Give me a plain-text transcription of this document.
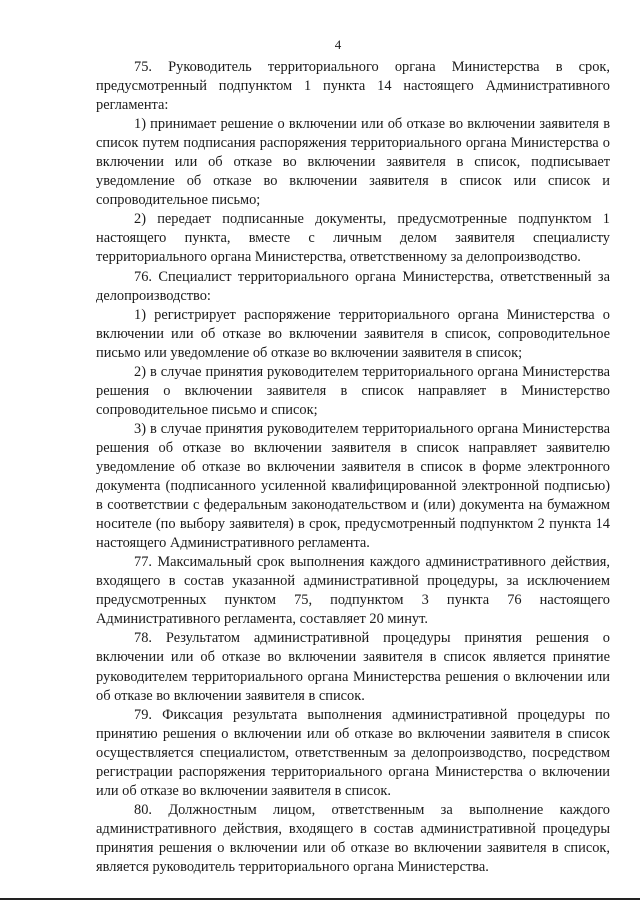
4

75. Руководитель территориального органа Министерства в срок, предусмотренный подпунктом 1 пункта 14 настоящего Административного регламента:

1) принимает решение о включении или об отказе во включении заявителя в список путем подписания распоряжения территориального органа Министерства о включении или об отказе во включении заявителя в список, подписывает уведомление об отказе во включении заявителя в список или список и сопроводительное письмо;

2) передает подписанные документы, предусмотренные подпунктом 1 настоящего пункта, вместе с личным делом заявителя специалисту территориального органа Министерства, ответственному за делопроизводство.

76. Специалист территориального органа Министерства, ответственный за делопроизводство:

1) регистрирует распоряжение территориального органа Министерства о включении или об отказе во включении заявителя в список, сопроводительное письмо или уведомление об отказе во включении заявителя в список;

2) в случае принятия руководителем территориального органа Министерства решения о включении заявителя в список направляет в Министерство сопроводительное письмо и список;

3) в случае принятия руководителем территориального органа Министерства решения об отказе во включении заявителя в список направляет заявителю уведомление об отказе во включении заявителя в список в форме электронного документа (подписанного усиленной квалифицированной электронной подписью) в соответствии с федеральным законодательством и (или) документа на бумажном носителе (по выбору заявителя) в срок, предусмотренный подпунктом 2 пункта 14 настоящего Административного регламента.

77. Максимальный срок выполнения каждого административного действия, входящего в состав указанной административной процедуры, за исключением предусмотренных пунктом 75, подпунктом 3 пункта 76 настоящего Административного регламента, составляет 20 минут.

78. Результатом административной процедуры принятия решения о включении или об отказе во включении заявителя в список является принятие руководителем территориального органа Министерства решения о включении или об отказе во включении заявителя в список.

79. Фиксация результата выполнения административной процедуры по принятию решения о включении или об отказе во включении заявителя в список осуществляется специалистом, ответственным за делопроизводство, посредством регистрации распоряжения территориального органа Министерства о включении или об отказе во включении заявителя в список.

80. Должностным лицом, ответственным за выполнение каждого административного действия, входящего в состав административной процедуры принятия решения о включении или об отказе во включении заявителя в список, является руководитель территориального органа Министерства.
